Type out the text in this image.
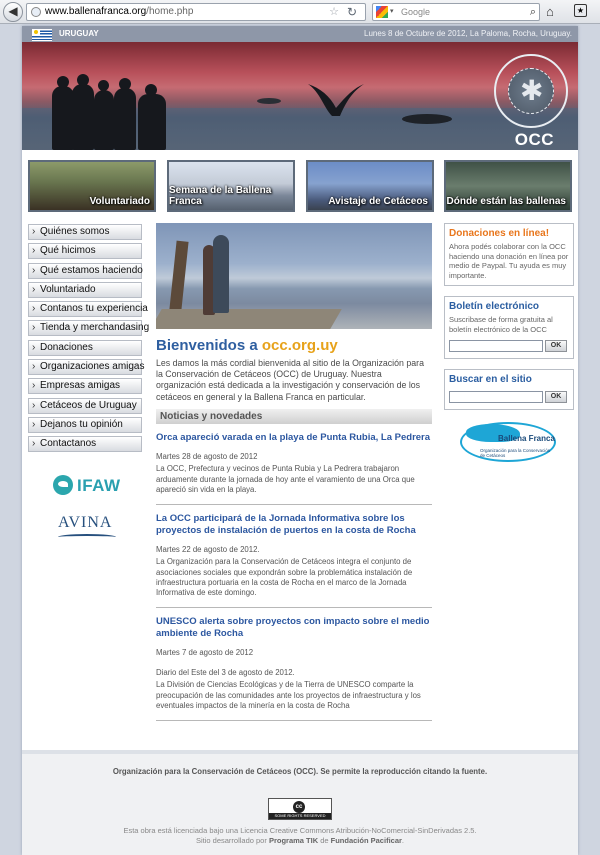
◀	www.ballenafranca.org/home.php	☆ ↻	▾ Google	⌕ ⌂	★
URUGUAY	Lunes 8 de Octubre de 2012, La Paloma, Rocha, Uruguay.
✱
OCC
Voluntariado
Semana de la Ballena Franca	Avistaje de Cetáceos Dónde están las ballenas
› Quiénes somos
› Qué hicimos
› Qué estamos haciendo
› Voluntariado
› Contanos tu experiencia
› Tienda y merchandasing
› Donaciones
› Organizaciones amigas
› Empresas amigas
› Cetáceos de Uruguay
› Dejanos tu opinión
› Contactanos
IFAW
AVINA
Bienvenidos a occ.org.uy

Les damos la más cordial bienvenida al sitio de la Organización para la Conservación de Cetáceos (OCC) de Uruguay. Nuestra organización está dedicada a la investigación y conservación de los cetáceos en general y la Ballena Franca en particular.

Noticias y novedades
Orca apareció varada en la playa de Punta Rubia, La Pedrera
Martes 28 de agosto de 2012
La OCC, Prefectura y vecinos de Punta Rubia y La Pedrera trabajaron arduamente durante la jornada de hoy ante el varamiento de una Orca que apareció sin vida en la playa.
La OCC participará de la Jornada Informativa sobre los proyectos de instalación de puertos en la costa de Rocha
Martes 22 de agosto de 2012.
La Organización para la Conservación de Cetáceos integra el conjunto de asociaciones sociales que expondrán sobre la problemática instalación de infraestructura portuaria en la costa de Rocha en el marco de la Jornada Informativa de este domingo.
UNESCO alerta sobre proyectos con impacto sobre el medio ambiente de Rocha
Martes 7 de agosto de 2012
Diario del Este del 3 de agosto de 2012.
La División de Ciencias Ecológicas y de la Tierra de UNESCO comparte la preocupación de las comunidades ante los proyectos de infraestructura y los eventuales impactos de la minería en la costa de Rocha
Donaciones en línea!

Ahora podés colaborar con la OCC haciendo una donación en línea por medio de Paypal. Tu ayuda es muy importante.

Boletín electrónico

Suscribase de forma gratuita al boletín electrónico de la OCC

OK
Buscar en el sitio
OK
Ballena Franca
Organización para la Conservación de Cetáceos
Organización para la Conservación de Cetáceos (OCC). Se permite la reproducción citando la fuente.
cc
SOME RIGHTS RESERVED
Esta obra está licenciada bajo una Licencia Creative Commons Atribución-NoComercial-SinDerivadas 2.5.
Sitio desarrollado por Programa TIK de Fundación Pacificar.
